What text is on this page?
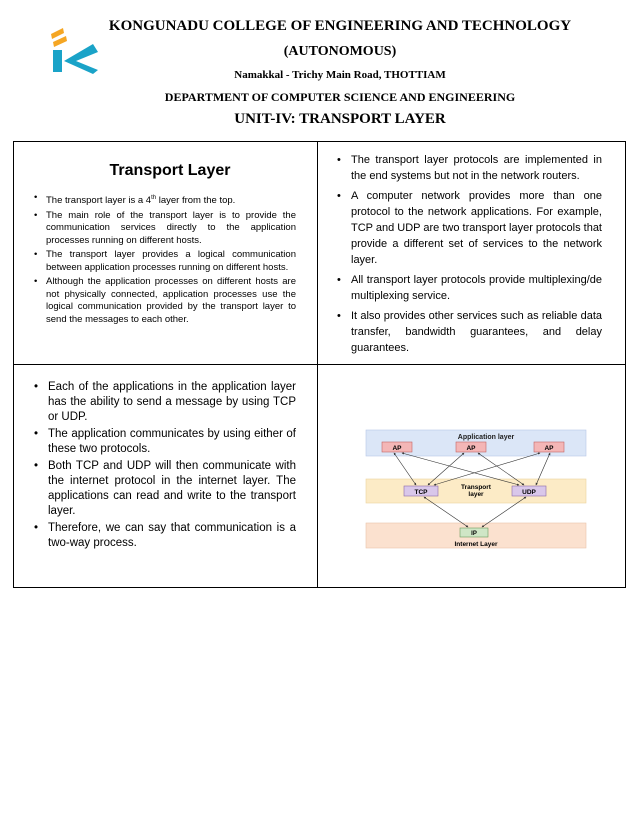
KONGUNADU COLLEGE OF ENGINEERING AND TECHNOLOGY
(AUTONOMOUS)
Namakkal - Trichy Main Road, THOTTIAM
DEPARTMENT OF COMPUTER SCIENCE AND ENGINEERING
UNIT-IV: TRANSPORT LAYER
Transport Layer
• The transport layer is a 4th layer from the top.
• The main role of the transport layer is to provide the communication services directly to the application processes running on different hosts.
• The transport layer provides a logical communication between application processes running on different hosts.
• Although the application processes on different hosts are not physically connected, application processes use the logical communication provided by the transport layer to send the messages to each other.
• The transport layer protocols are implemented in the end systems but not in the network routers.
• A computer network provides more than one protocol to the network applications. For example, TCP and UDP are two transport layer protocols that provide a different set of services to the network layer.
• All transport layer protocols provide multiplexing/de multiplexing service.
• It also provides other services such as reliable data transfer, bandwidth guarantees, and delay guarantees.
• Each of the applications in the application layer has the ability to send a message by using TCP or UDP.
• The application communicates by using either of these two protocols.
• Both TCP and UDP will then communicate with the internet protocol in the internet layer. The applications can read and write to the transport layer.
• Therefore, we can say that communication is a two-way process.
Application layer
AP	AP	AP
TCP
Transport
layer	UDP
IP
Internet Layer
